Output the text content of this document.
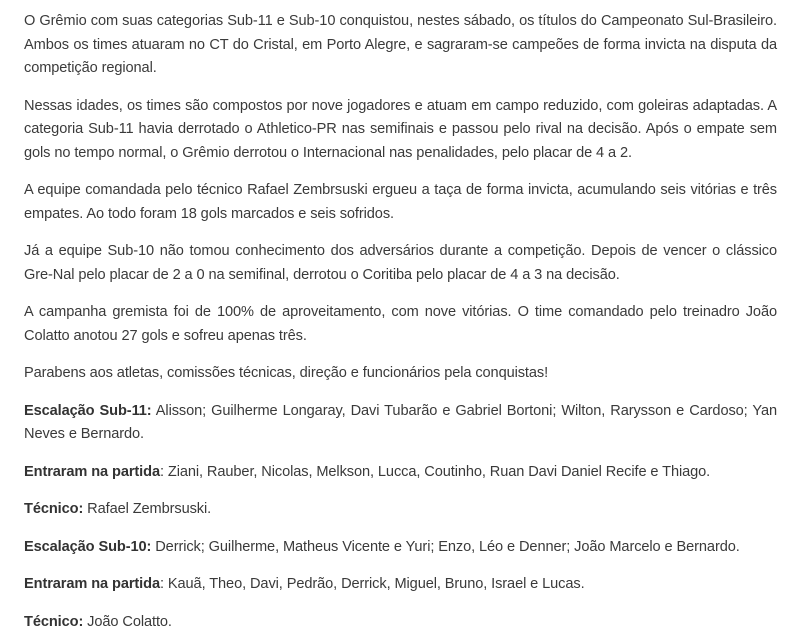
O Grêmio com suas categorias Sub-11 e Sub-10 conquistou, nestes sábado, os títulos do Campeonato Sul-Brasileiro. Ambos os times atuaram no CT do Cristal, em Porto Alegre, e sagraram-se campeões de forma invicta na disputa da competição regional.

Nessas idades, os times são compostos por nove jogadores e atuam em campo reduzido, com goleiras adaptadas. A categoria Sub-11 havia derrotado o Athletico-PR nas semifinais e passou pelo rival na decisão. Após o empate sem gols no tempo normal, o Grêmio derrotou o Internacional nas penalidades, pelo placar de 4 a 2.

A equipe comandada pelo técnico Rafael Zembrsuski ergueu a taça de forma invicta, acumulando seis vitórias e três empates. Ao todo foram 18 gols marcados e seis sofridos.

Já a equipe Sub-10 não tomou conhecimento dos adversários durante a competição. Depois de vencer o clássico Gre-Nal pelo placar de 2 a 0 na semifinal, derrotou o Coritiba pelo placar de 4 a 3 na decisão.

A campanha gremista foi de 100% de aproveitamento, com nove vitórias. O time comandado pelo treinadro João Colatto anotou 27 gols e sofreu apenas três.

Parabens aos atletas, comissões técnicas, direção e funcionários pela conquistas!

Escalação Sub-11: Alisson; Guilherme Longaray, Davi Tubarão e Gabriel Bortoni; Wilton, Rarysson e Cardoso; Yan Neves e Bernardo.

Entraram na partida: Ziani, Rauber, Nicolas, Melkson, Lucca, Coutinho, Ruan Davi Daniel Recife e Thiago.

Técnico: Rafael Zembrsuski.

Escalação Sub-10: Derrick; Guilherme, Matheus Vicente e Yuri; Enzo, Léo e Denner; João Marcelo e Bernardo.

Entraram na partida: Kauã, Theo, Davi, Pedrão, Derrick, Miguel, Bruno, Israel e Lucas.

Técnico: João Colatto.
